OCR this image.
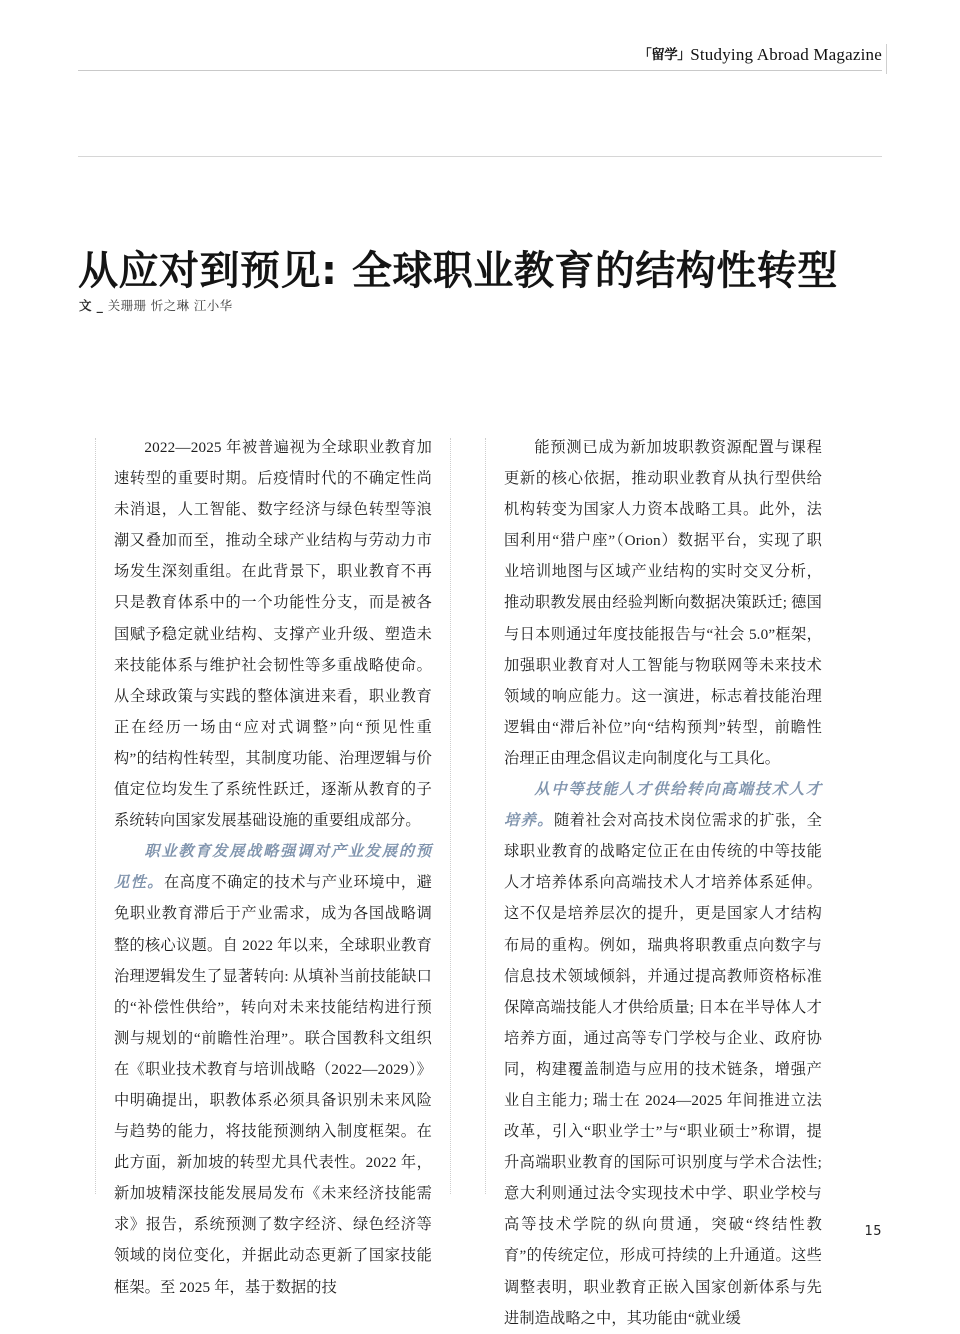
「留学」 Studying Abroad Magazine
从应对到预见: 全球职业教育的结构性转型
文 _ 关珊珊 忻之琳 江小华

2022—2025 年被普遍视为全球职业教育加速转型的重要时期。后疫情时代的不确定性尚未消退，人工智能、数字经济与绿色转型等浪潮又叠加而至，推动全球产业结构与劳动力市场发生深刻重组。在此背景下，职业教育不再只是教育体系中的一个功能性分支，而是被各国赋予稳定就业结构、支撑产业升级、塑造未来技能体系与维护社会韧性等多重战略使命。从全球政策与实践的整体演进来看，职业教育正在经历一场由“应对式调整”向“预见性重构”的结构性转型，其制度功能、治理逻辑与价值定位均发生了系统性跃迁，逐渐从教育的子系统转向国家发展基础设施的重要组成部分。

职业教育发展战略强调对产业发展的预见性。在高度不确定的技术与产业环境中，避免职业教育滞后于产业需求，成为各国战略调整的核心议题。自 2022 年以来，全球职业教育治理逻辑发生了显著转向: 从填补当前技能缺口的“补偿性供给”，转向对未来技能结构进行预测与规划的“前瞻性治理”。联合国教科文组织在《职业技术教育与培训战略（2022—2029）》中明确提出，职教体系必须具备识别未来风险与趋势的能力，将技能预测纳入制度框架。在此方面，新加坡的转型尤具代表性。2022 年，新加坡精深技能发展局发布《未来经济技能需求》报告，系统预测了数字经济、绿色经济等领域的岗位变化，并据此动态更新了国家技能框架。至 2025 年，基于数据的技

能预测已成为新加坡职教资源配置与课程更新的核心依据，推动职业教育从执行型供给机构转变为国家人力资本战略工具。此外，法国利用“猎户座”（Orion）数据平台，实现了职业培训地图与区域产业结构的实时交叉分析，推动职教发展由经验判断向数据决策跃迁; 德国与日本则通过年度技能报告与“社会 5.0”框架，加强职业教育对人工智能与物联网等未来技术领域的响应能力。这一演进，标志着技能治理逻辑由“滞后补位”向“结构预判”转型，前瞻性治理正由理念倡议走向制度化与工具化。

从中等技能人才供给转向高端技术人才培养。随着社会对高技术岗位需求的扩张，全球职业教育的战略定位正在由传统的中等技能人才培养体系向高端技术人才培养体系延伸。这不仅是培养层次的提升，更是国家人才结构布局的重构。例如，瑞典将职教重点向数字与信息技术领域倾斜，并通过提高教师资格标准保障高端技能人才供给质量; 日本在半导体人才培养方面，通过高等专门学校与企业、政府协同，构建覆盖制造与应用的技术链条，增强产业自主能力; 瑞士在 2024—2025 年间推进立法改革，引入“职业学士”与“职业硕士”称谓，提升高端职业教育的国际可识别度与学术合法性; 意大利则通过法令实现技术中学、职业学校与高等技术学院的纵向贯通，突破“终结性教育”的传统定位，形成可持续的上升通道。这些调整表明，职业教育正嵌入国家创新体系与先进制造战略之中，其功能由“就业缓

15
